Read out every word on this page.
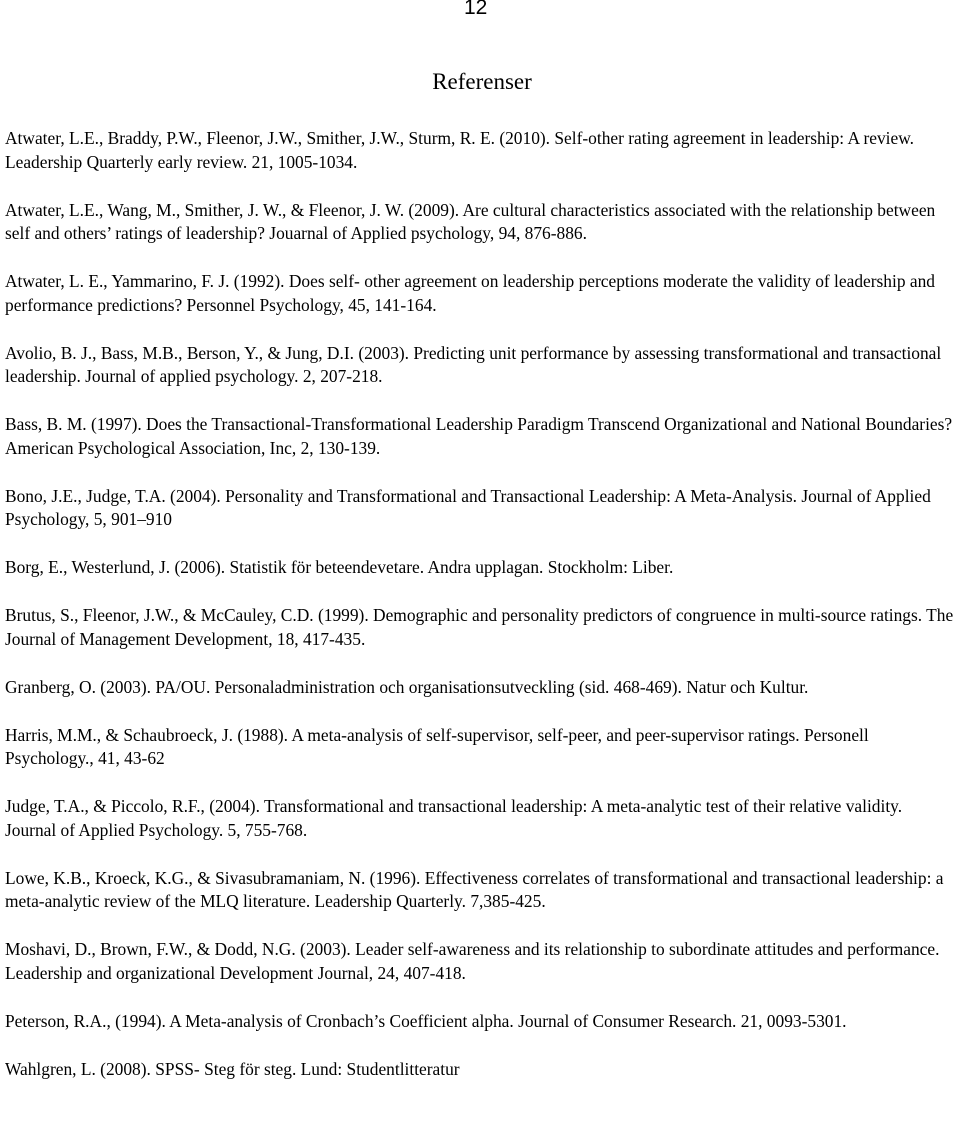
12
Referenser
Atwater, L.E., Braddy, P.W., Fleenor, J.W., Smither, J.W., Sturm, R. E. (2010). Self-other rating agreement in leadership: A review. Leadership Quarterly early review. 21, 1005-1034.
Atwater, L.E., Wang, M., Smither, J. W., & Fleenor, J. W. (2009). Are cultural characteristics associated with the relationship between self and others’ ratings of leadership? Jouarnal of Applied psychology, 94, 876-886.
Atwater, L. E., Yammarino, F. J. (1992). Does self- other agreement on leadership perceptions moderate the validity of leadership and performance predictions? Personnel Psychology, 45, 141-164.
Avolio, B. J., Bass, M.B., Berson, Y., & Jung, D.I. (2003). Predicting unit performance by assessing transformational and transactional leadership. Journal of applied psychology. 2, 207-218.
Bass, B. M. (1997). Does the Transactional-Transformational Leadership Paradigm Transcend Organizational and National Boundaries? American Psychological Association, Inc, 2, 130-139.
Bono, J.E., Judge, T.A. (2004). Personality and Transformational and Transactional Leadership: A Meta-Analysis. Journal of Applied Psychology, 5, 901–910
Borg, E., Westerlund, J. (2006). Statistik för beteendevetare. Andra upplagan. Stockholm: Liber.
Brutus, S., Fleenor, J.W., & McCauley, C.D. (1999). Demographic and personality predictors of congruence in multi-source ratings. The Journal of Management Development, 18, 417-435.
Granberg, O. (2003). PA/OU. Personaladministration och organisationsutveckling (sid. 468-469). Natur och Kultur.
Harris, M.M., & Schaubroeck, J. (1988). A meta-analysis of self-supervisor, self-peer, and peer-supervisor ratings. Personell Psychology., 41, 43-62
Judge, T.A., & Piccolo, R.F., (2004). Transformational and transactional leadership: A meta-analytic test of their relative validity. Journal of Applied Psychology. 5, 755-768.
Lowe, K.B., Kroeck, K.G., & Sivasubramaniam, N. (1996). Effectiveness correlates of transformational and transactional leadership: a meta-analytic review of the MLQ literature. Leadership Quarterly. 7,385-425.
Moshavi, D., Brown, F.W., & Dodd, N.G. (2003). Leader self-awareness and its relationship to subordinate attitudes and performance. Leadership and organizational Development Journal, 24, 407-418.
Peterson, R.A., (1994). A Meta-analysis of Cronbach’s Coefficient alpha. Journal of Consumer Research. 21, 0093-5301.
Wahlgren, L. (2008). SPSS- Steg för steg. Lund: Studentlitteratur
